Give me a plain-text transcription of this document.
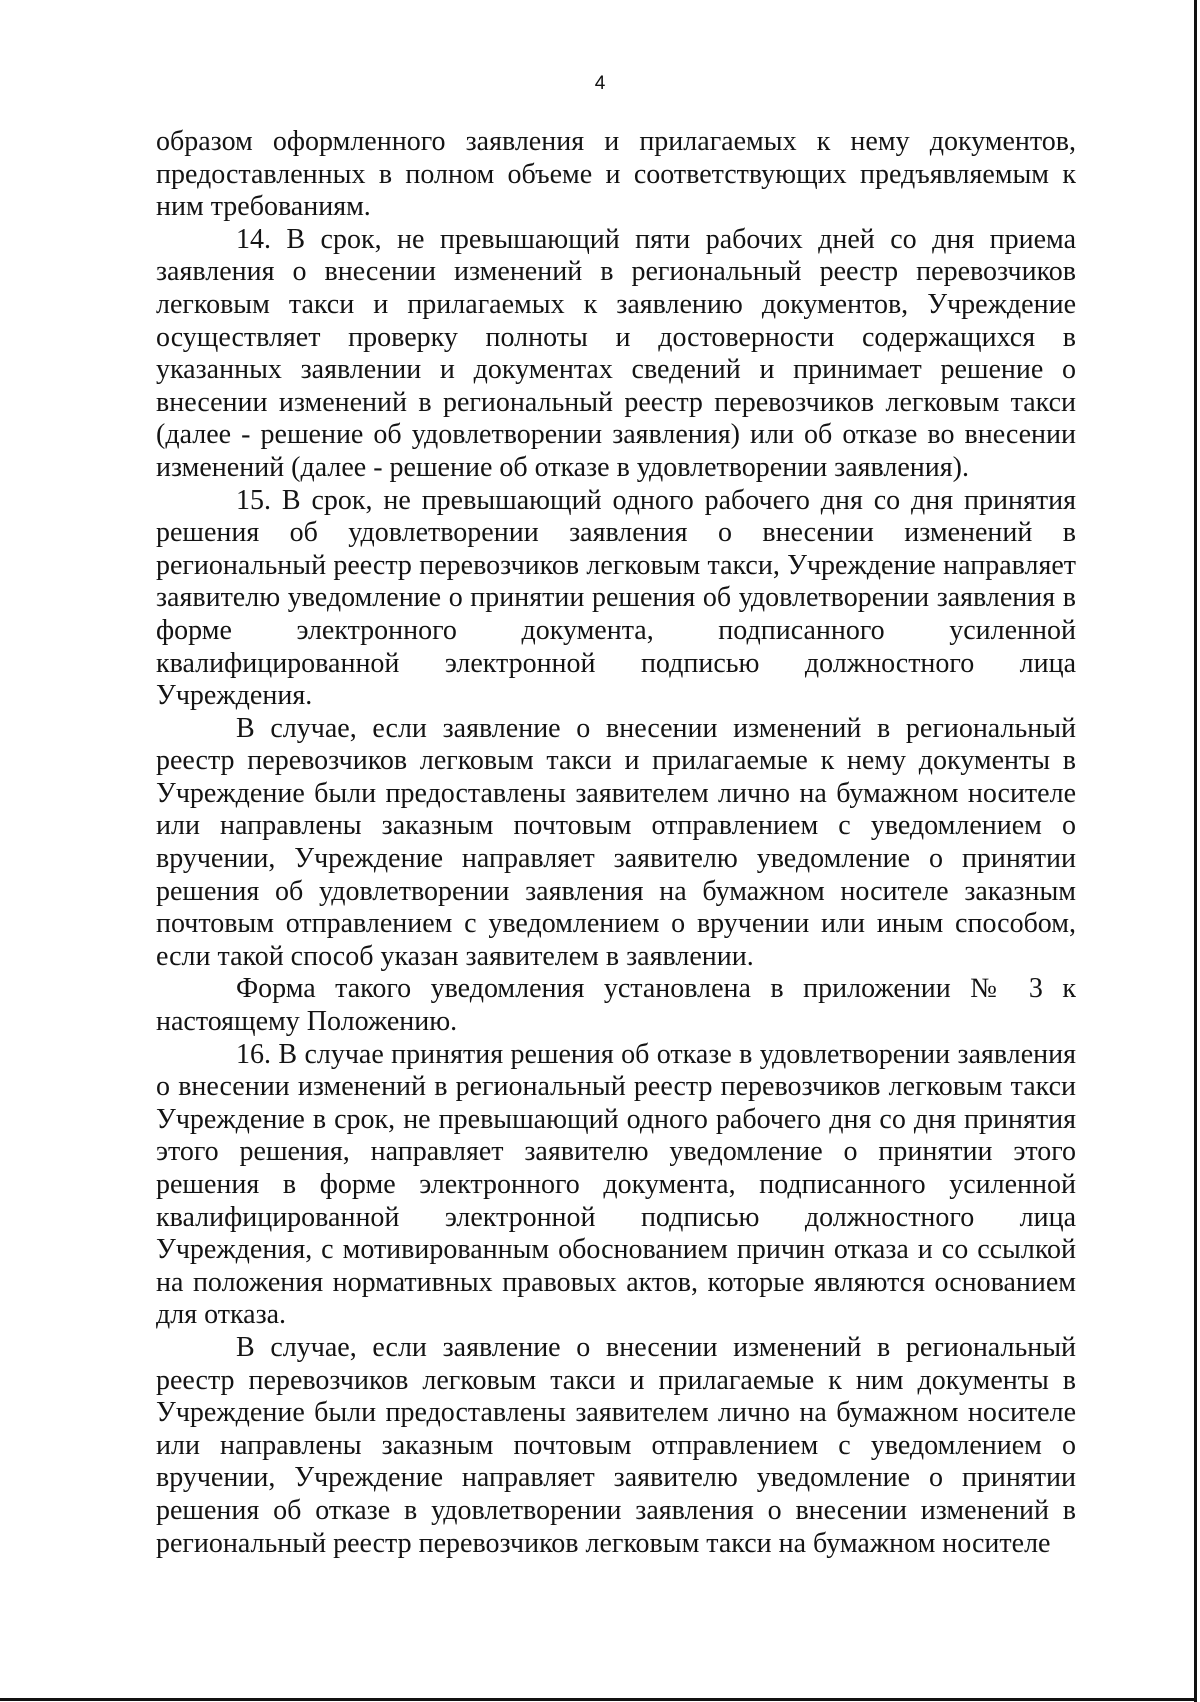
4

образом оформленного заявления и прилагаемых к нему документов, предоставленных в полном объеме и соответствующих предъявляемым к ним требованиям.

14. В срок, не превышающий пяти рабочих дней со дня приема заявления о внесении изменений в региональный реестр перевозчиков легковым такси и прилагаемых к заявлению документов, Учреждение осуществляет проверку полноты и достоверности содержащихся в указанных заявлении и документах сведений и принимает решение о внесении изменений в региональный реестр перевозчиков легковым такси (далее - решение об удовлетворении заявления) или об отказе во внесении изменений (далее - решение об отказе в удовлетворении заявления).

15. В срок, не превышающий одного рабочего дня со дня принятия решения об удовлетворении заявления о внесении изменений в региональный реестр перевозчиков легковым такси, Учреждение направляет заявителю уведомление о принятии решения об удовлетворении заявления в форме электронного документа, подписанного усиленной квалифицированной электронной подписью должностного лица Учреждения.

В случае, если заявление о внесении изменений в региональный реестр перевозчиков легковым такси и прилагаемые к нему документы в Учреждение были предоставлены заявителем лично на бумажном носителе или направлены заказным почтовым отправлением с уведомлением о вручении, Учреждение направляет заявителю уведомление о принятии решения об удовлетворении заявления на бумажном носителе заказным почтовым отправлением с уведомлением о вручении или иным способом, если такой способ указан заявителем в заявлении.

Форма такого уведомления установлена в приложении № 3 к настоящему Положению.

16. В случае принятия решения об отказе в удовлетворении заявления о внесении изменений в региональный реестр перевозчиков легковым такси Учреждение в срок, не превышающий одного рабочего дня со дня принятия этого решения, направляет заявителю уведомление о принятии этого решения в форме электронного документа, подписанного усиленной квалифицированной электронной подписью должностного лица Учреждения, с мотивированным обоснованием причин отказа и со ссылкой на положения нормативных правовых актов, которые являются основанием для отказа.

В случае, если заявление о внесении изменений в региональный реестр перевозчиков легковым такси и прилагаемые к ним документы в Учреждение были предоставлены заявителем лично на бумажном носителе или направлены заказным почтовым отправлением с уведомлением о вручении, Учреждение направляет заявителю уведомление о принятии решения об отказе в удовлетворении заявления о внесении изменений в региональный реестр перевозчиков легковым такси на бумажном носителе
